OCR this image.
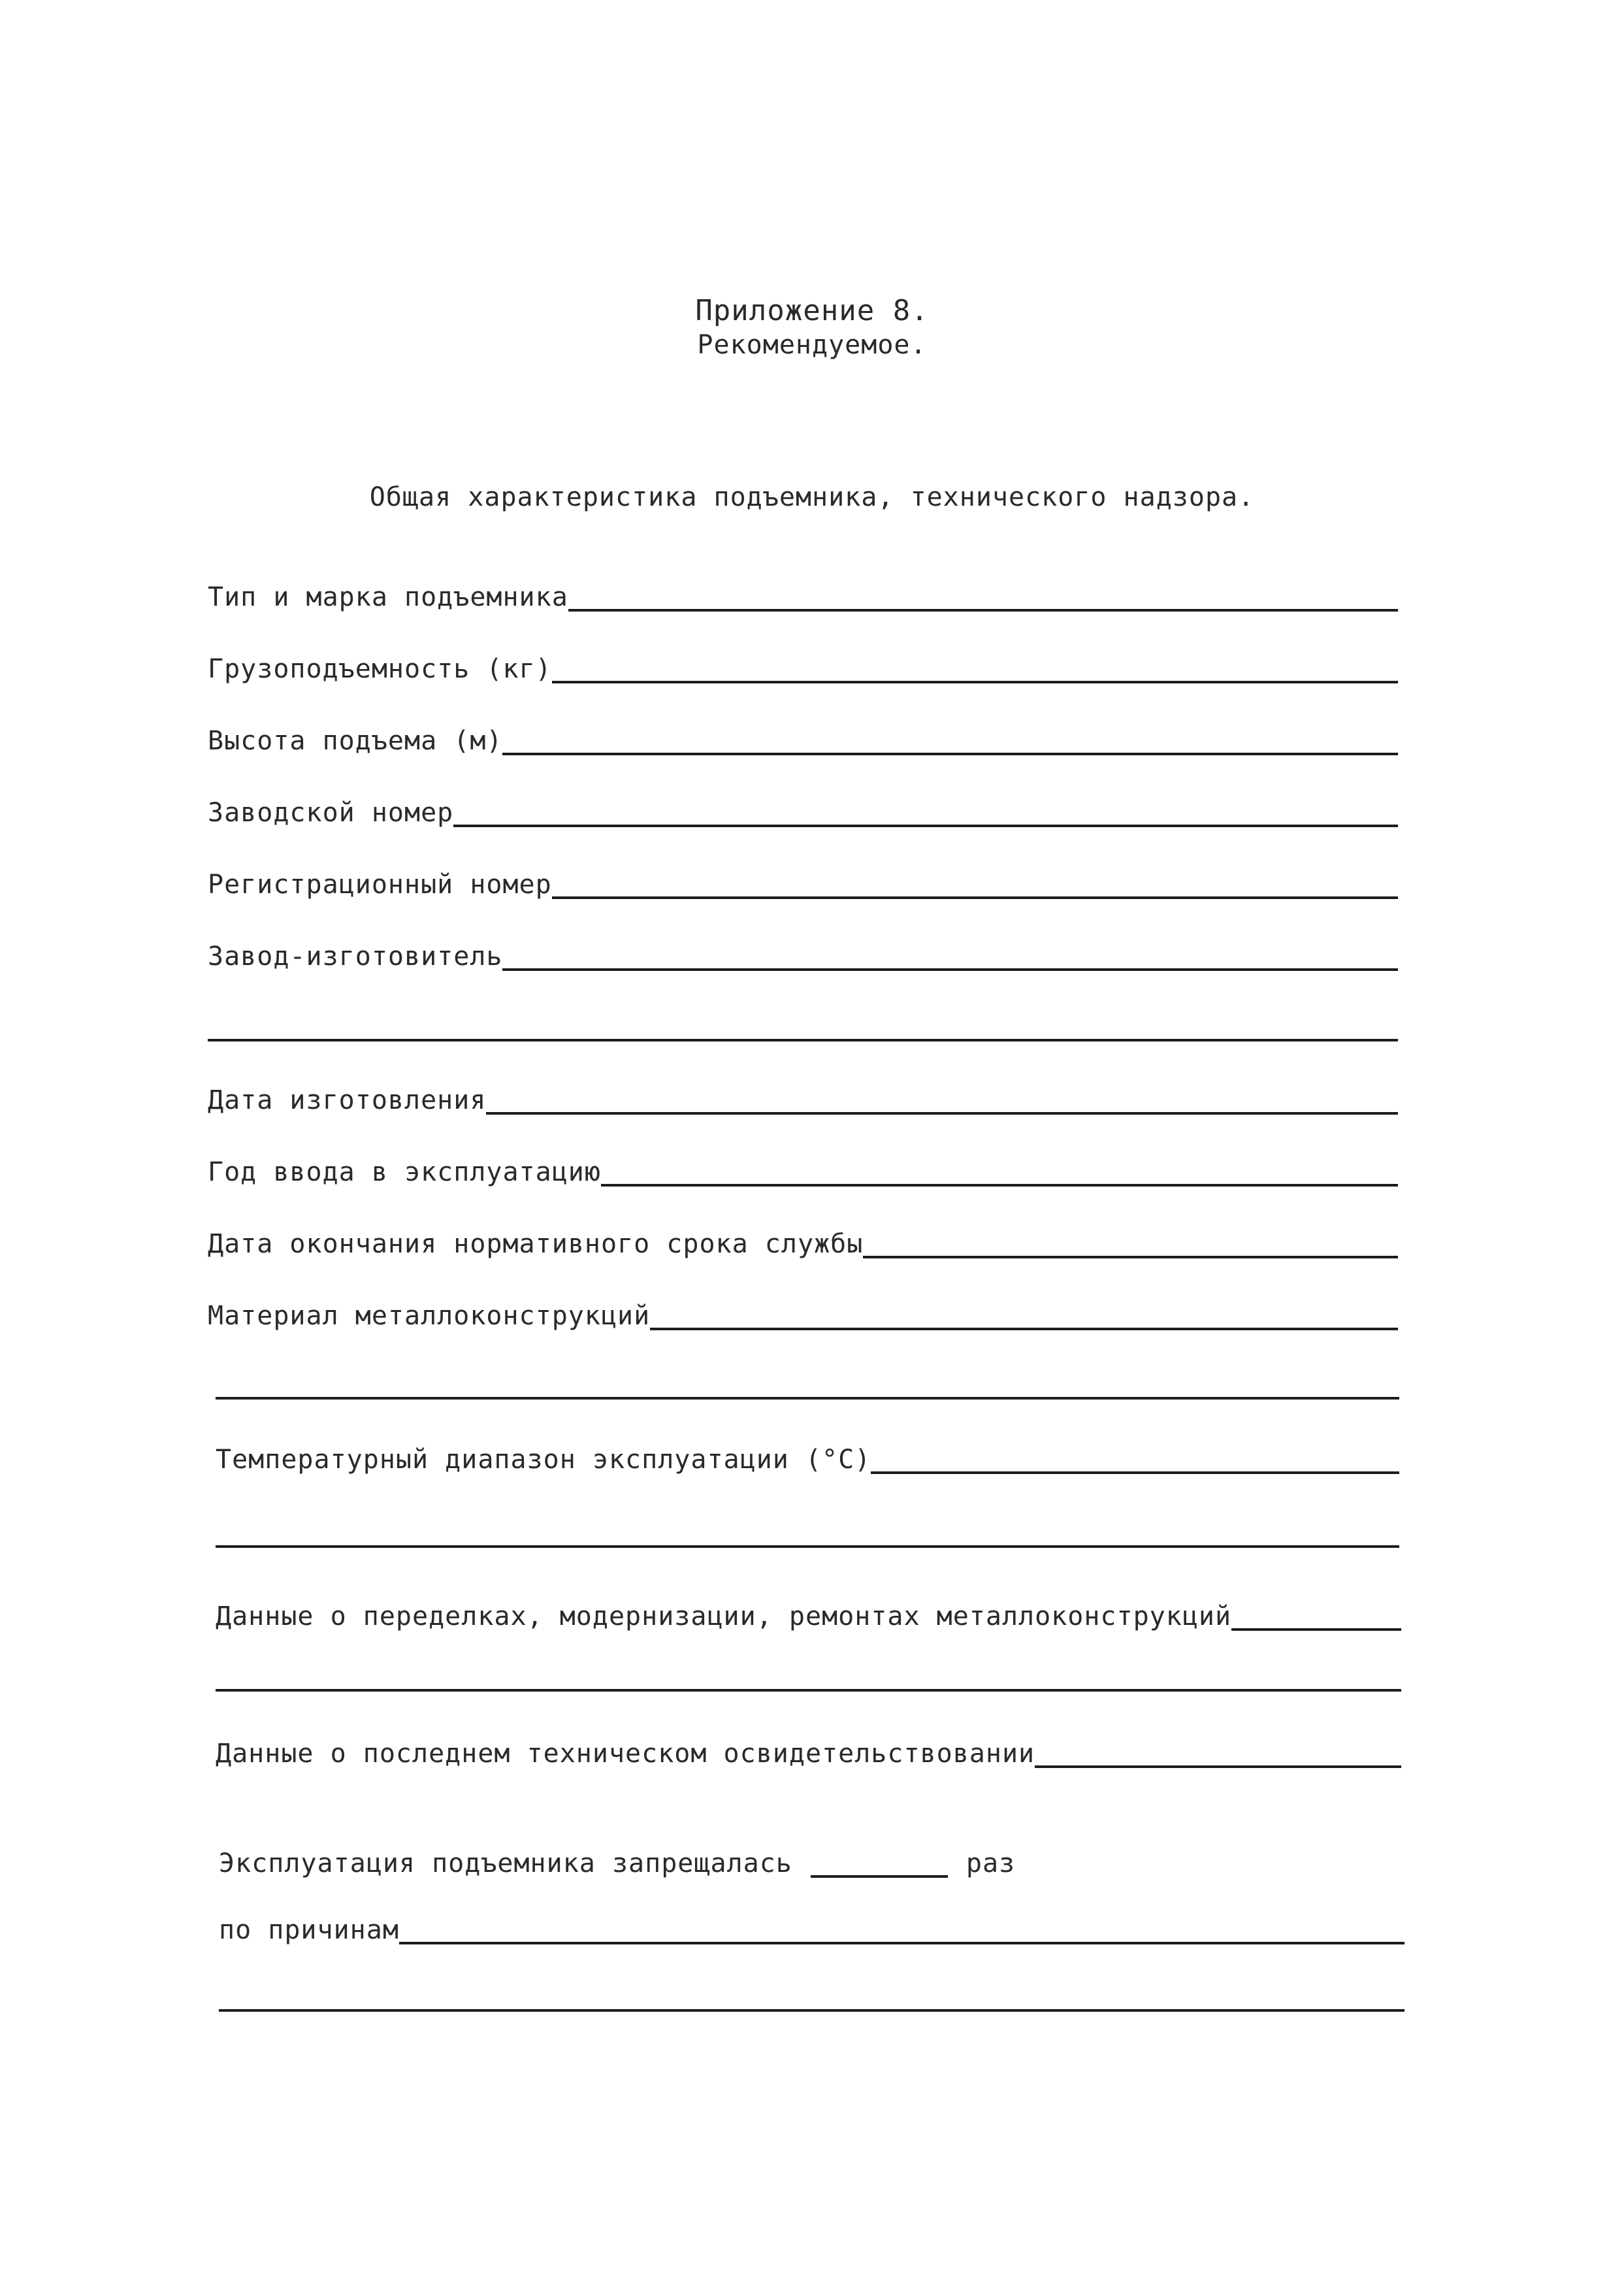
Приложение 8.
Рекомендуемое.
Общая характеристика подъемника, технического надзора.
Тип и марка подъемника
Грузоподъемность (кг)
Высота подъема (м)
Заводской номер
Регистрационный номер
Завод-изготовитель
Дата изготовления
Год ввода в эксплуатацию
Дата окончания нормативного срока службы
Материал металлоконструкций
Температурный диапазон эксплуатации (°С)
Данные о переделках, модернизации, ремонтах металлоконструкций
Данные о последнем техническом освидетельствовании
Эксплуатация подъемника запрещалась	раз
по причинам
